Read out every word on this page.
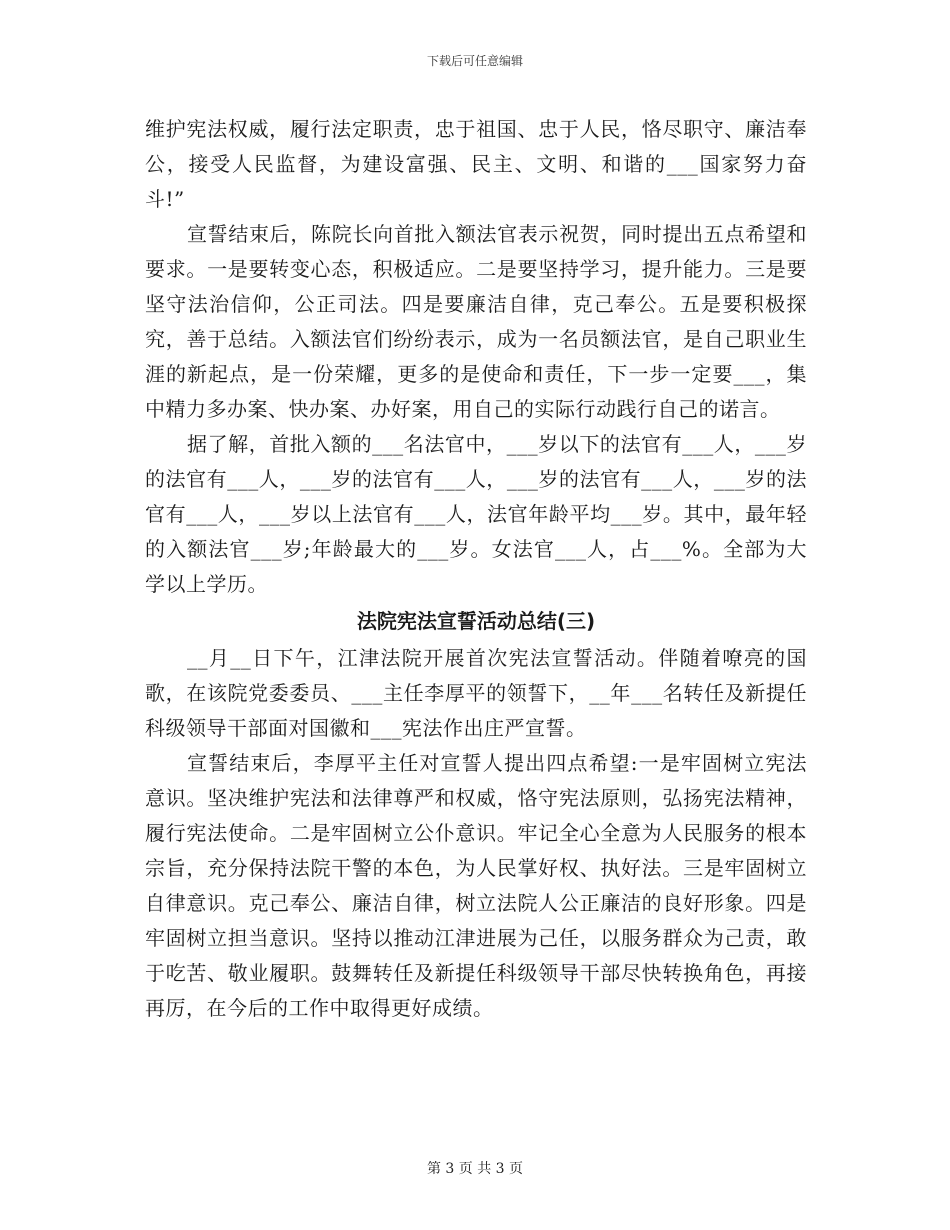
下载后可任意编辑

维护宪法权威，履行法定职责，忠于祖国、忠于人民，恪尽职守、廉洁奉公，接受人民监督，为建设富强、民主、文明、和谐的___国家努力奋斗!”

宣誓结束后，陈院长向首批入额法官表示祝贺，同时提出五点希望和要求。一是要转变心态，积极适应。二是要坚持学习，提升能力。三是要坚守法治信仰，公正司法。四是要廉洁自律，克己奉公。五是要积极探究，善于总结。入额法官们纷纷表示，成为一名员额法官，是自己职业生涯的新起点，是一份荣耀，更多的是使命和责任，下一步一定要___，集中精力多办案、快办案、办好案，用自己的实际行动践行自己的诺言。

据了解，首批入额的___名法官中，___岁以下的法官有___人，___岁的法官有___人，___岁的法官有___人，___岁的法官有___人，___岁的法官有___人，___岁以上法官有___人，法官年龄平均___岁。其中，最年轻的入额法官___岁;年龄最大的___岁。女法官___人，占___%。全部为大学以上学历。

法院宪法宣誓活动总结(三)

__月__日下午，江津法院开展首次宪法宣誓活动。伴随着嘹亮的国歌，在该院党委委员、___主任李厚平的领誓下，__年___名转任及新提任科级领导干部面对国徽和___宪法作出庄严宣誓。

宣誓结束后，李厚平主任对宣誓人提出四点希望:一是牢固树立宪法意识。坚决维护宪法和法律尊严和权威，恪守宪法原则，弘扬宪法精神，履行宪法使命。二是牢固树立公仆意识。牢记全心全意为人民服务的根本宗旨，充分保持法院干警的本色，为人民掌好权、执好法。三是牢固树立自律意识。克己奉公、廉洁自律，树立法院人公正廉洁的良好形象。四是牢固树立担当意识。坚持以推动江津进展为己任，以服务群众为己责，敢于吃苦、敬业履职。鼓舞转任及新提任科级领导干部尽快转换角色，再接再厉，在今后的工作中取得更好成绩。

第 3 页 共 3 页
